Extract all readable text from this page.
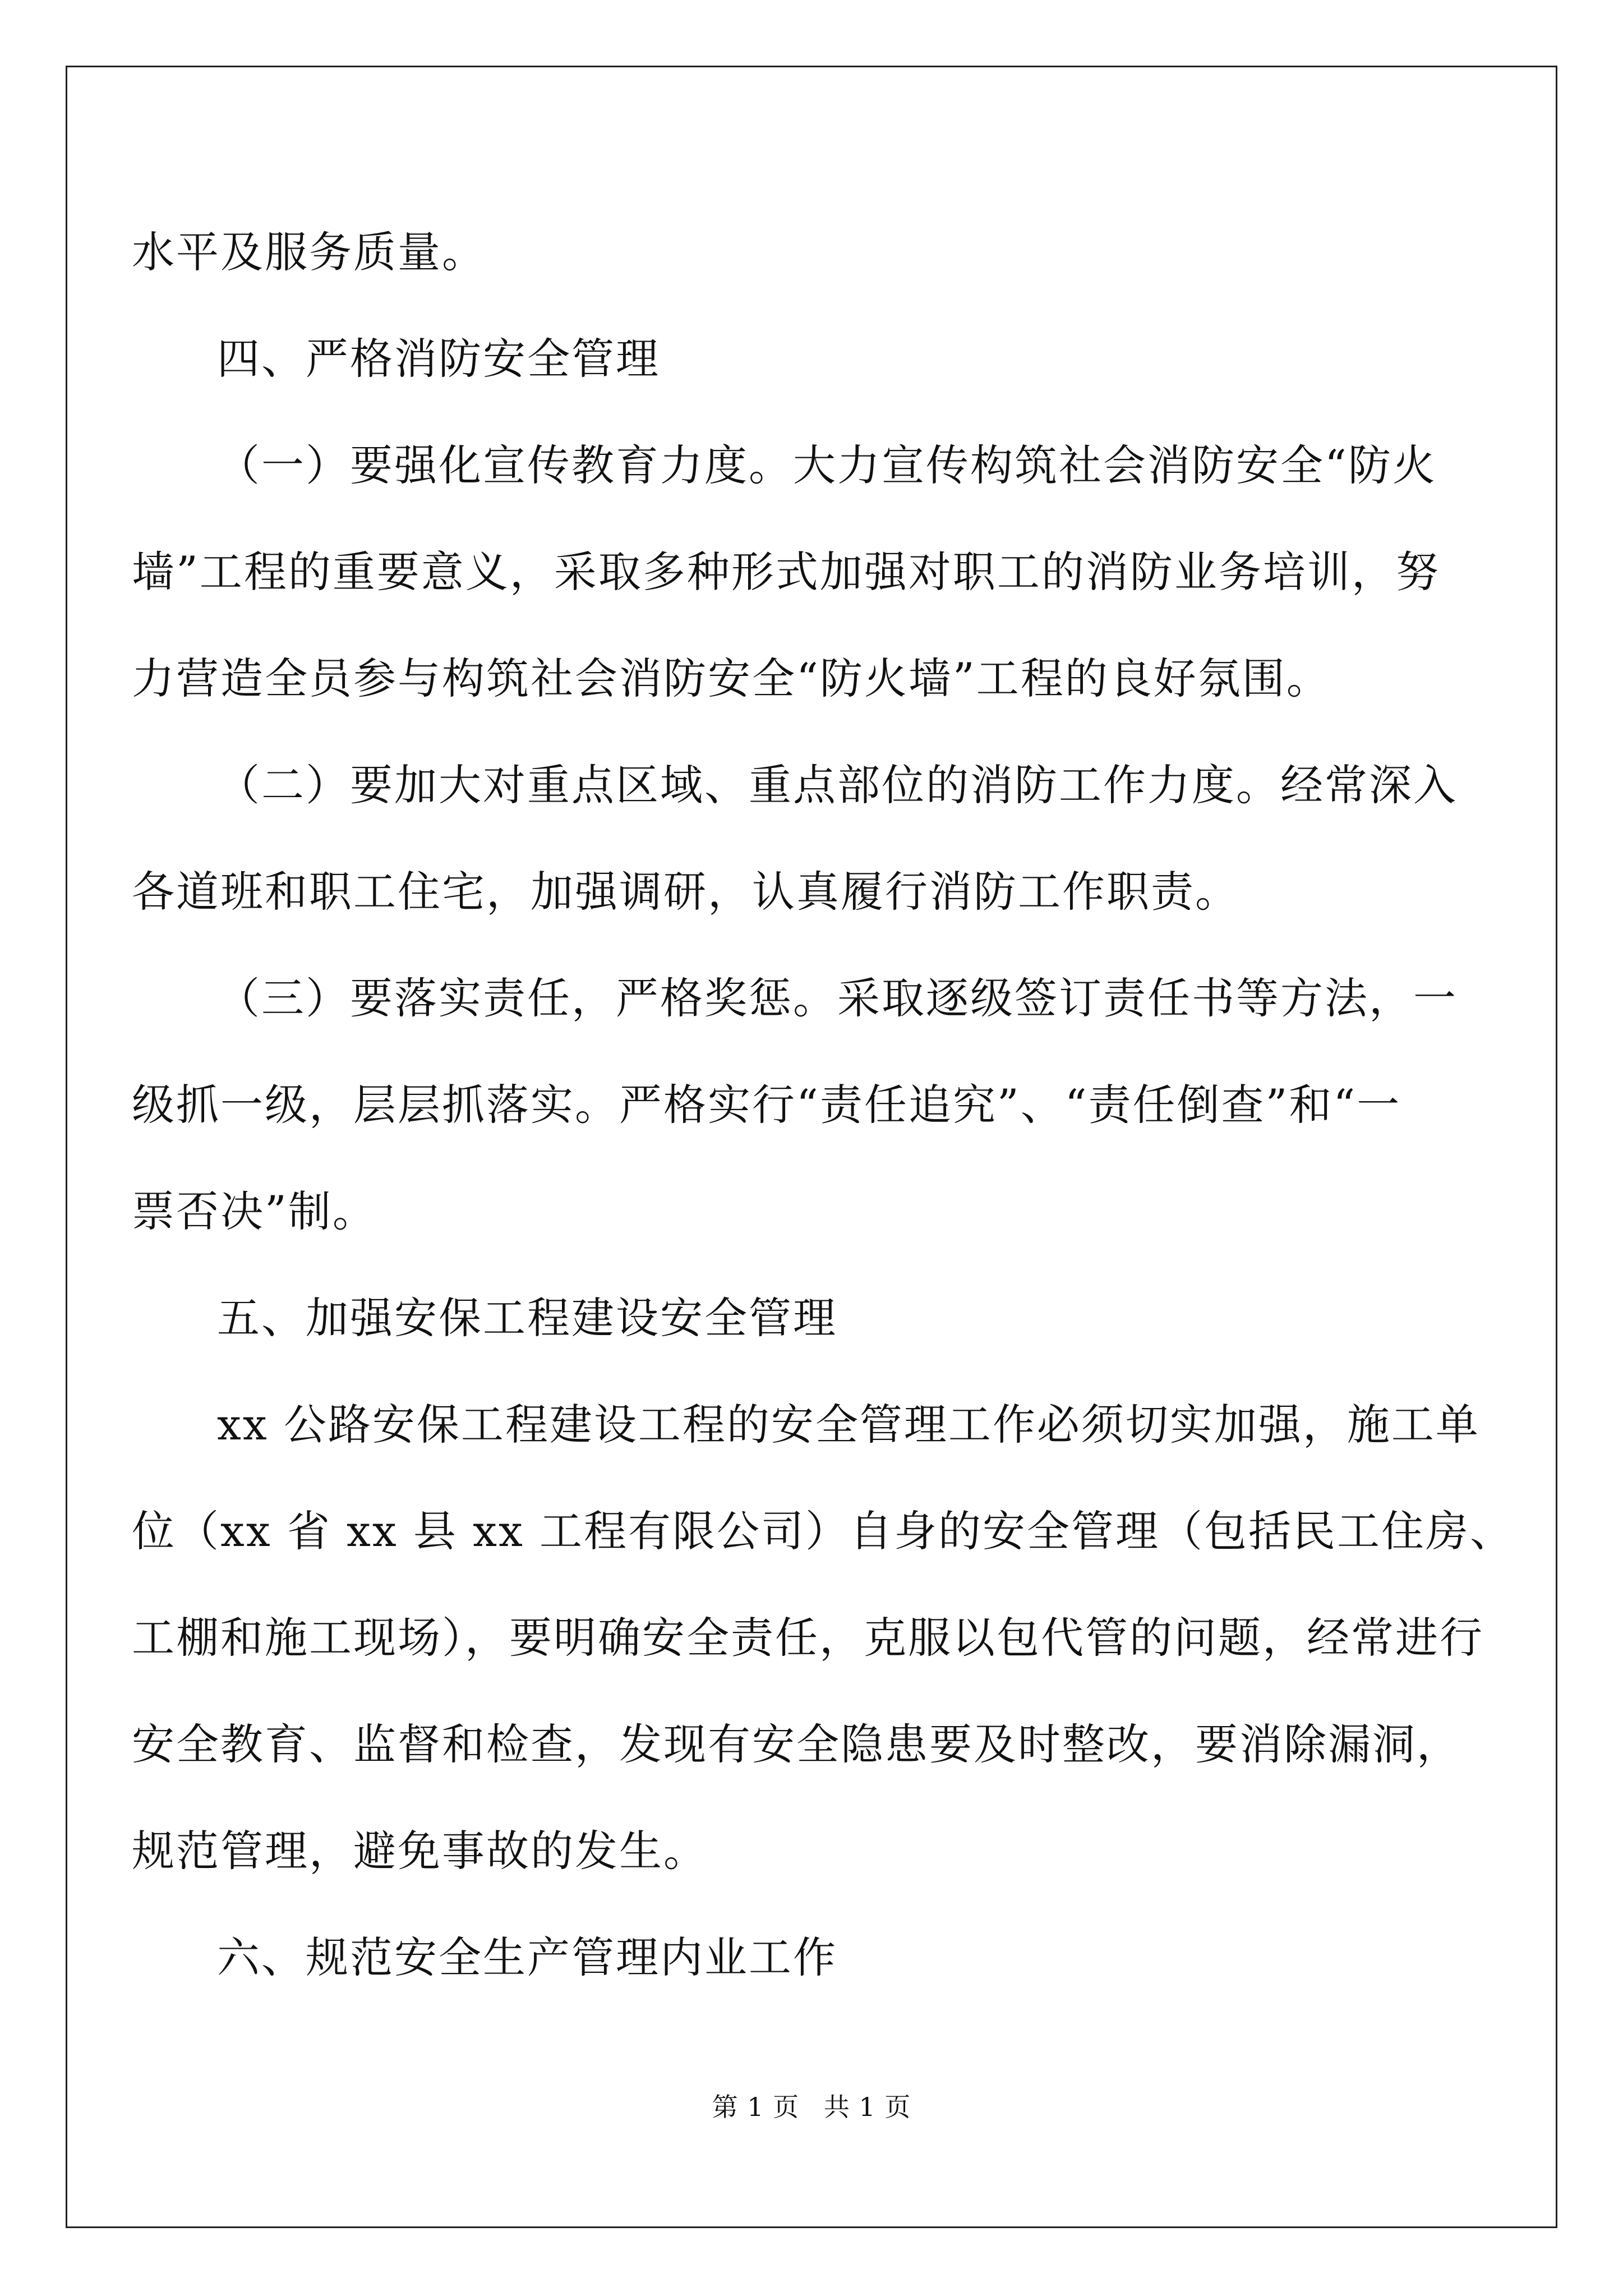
水平及服务质量。
四、严格消防安全管理
（一）要强化宣传教育力度。大力宣传构筑社会消防安全“防火
墙”工程的重要意义，采取多种形式加强对职工的消防业务培训，努
力营造全员参与构筑社会消防安全“防火墙”工程的良好氛围。
（二）要加大对重点区域、重点部位的消防工作力度。经常深入
各道班和职工住宅，加强调研，认真履行消防工作职责。
（三）要落实责任，严格奖惩。采取逐级签订责任书等方法，一
级抓一级，层层抓落实。严格实行“责任追究”、“责任倒查”和“一
票否决”制。
五、加强安保工程建设安全管理
xx 公路安保工程建设工程的安全管理工作必须切实加强，施工单
位（xx 省 xx 县 xx 工程有限公司）自身的安全管理（包括民工住房、
工棚和施工现场），要明确安全责任，克服以包代管的问题，经常进行
安全教育、监督和检查，发现有安全隐患要及时整改，要消除漏洞，
规范管理，避免事故的发生。
六、规范安全生产管理内业工作

第 1 页 共 1 页
